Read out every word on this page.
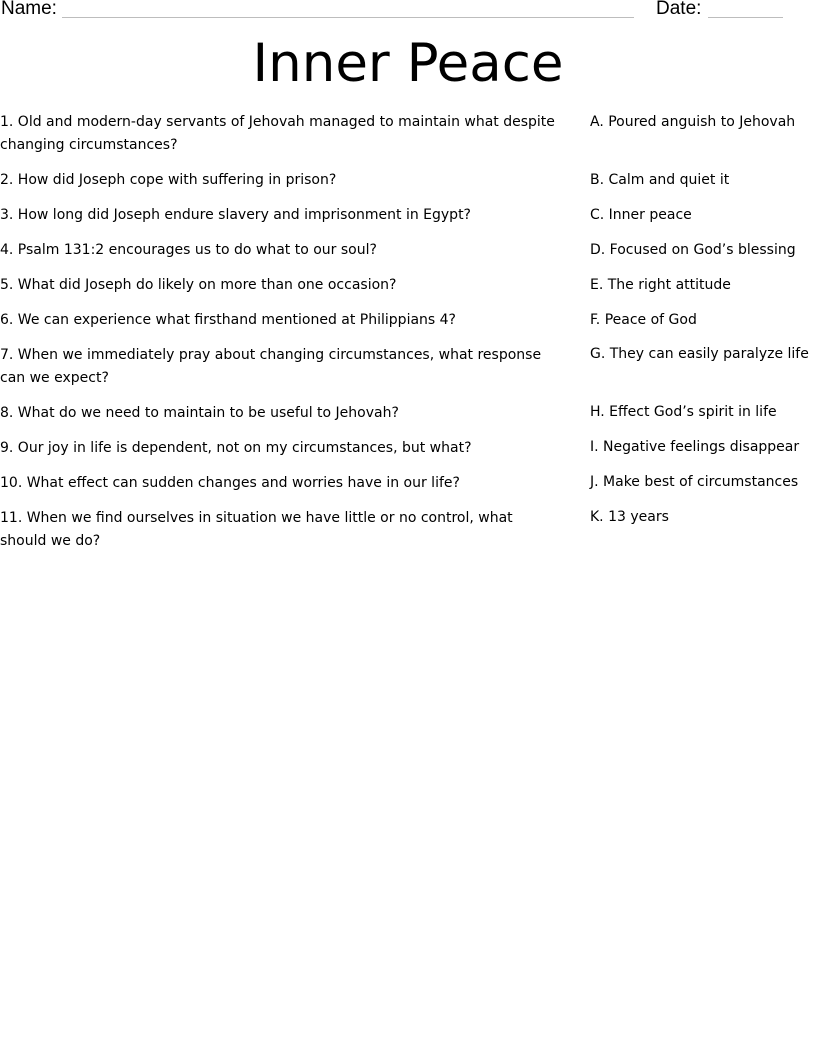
Name:	Date:
Inner Peace
1. Old and modern-day servants of Jehovah managed to maintain what despite changing circumstances?
2. How did Joseph cope with suffering in prison?
3. How long did Joseph endure slavery and imprisonment in Egypt?
4. Psalm 131:2 encourages us to do what to our soul?
5. What did Joseph do likely on more than one occasion?
6. We can experience what firsthand mentioned at Philippians 4?
7. When we immediately pray about changing circumstances, what response can we expect?
8. What do we need to maintain to be useful to Jehovah?
9. Our joy in life is dependent, not on my circumstances, but what?
10. What effect can sudden changes and worries have in our life?
11. When we find ourselves in situation we have little or no control, what should we do?
A. Poured anguish to Jehovah
B. Calm and quiet it
C. Inner peace
D. Focused on God’s blessing
E. The right attitude
F. Peace of God
G. They can easily paralyze life
H. Effect God’s spirit in life
I. Negative feelings disappear
J. Make best of circumstances
K. 13 years
